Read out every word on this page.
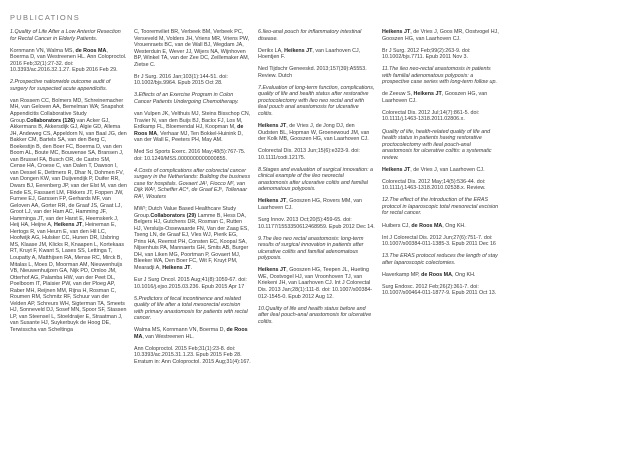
PUBLICATIONS

1.Quality of Life After a Low Anterior Resection for Rectal Cancer in Elderly Patients.

Kornmann VN, Walma MS, de Roos MA, Boerma D, van Westreenen HL. Ann Coloproctol. 2016 Feb;32(1):27-32. doi: 10.3393/ac.2016.32.1.27. Epub 2016 Feb 29.

2.Prospective nationwide outcome audit of surgery for suspected acute appendicitis.

van Rossem CC, Bolmers MD, Schreinemacher MH, van Geloven AA, Bemelman WA; Snapshot Appendicitis Collaborative Study Group.Collaborators (126) van Acker GJ, Akkermans B, Akkersdijk GJ, Algie GD, Allema JH, Andeweg CS, Appeldorn N, van Baal JG, den Bakker CM, Bartels SA, van den Berg C, Boekestijn B, den Boer FC, Boerma D, van den Boom AL, Boute MC, Bouwense SA, Bransen J, van Brussel FA, Busch OR, de Castro SM, Cense HA, Croese C, van Dalen T, Dawson I, van Dessel E, Dettmers R, Dhar N, Dohmen FV, van Dongen KW, van Duijvendijk P, Duifer RR, Dwars BJ, Eerenberg JP, van der Elst M, van den Ende ES, Fassaert LM, Flikkers JT, Foppen JW, Furnee EJ, Garssen FP, Gerhards MF, van Geloven AA, Gorter RR, de Graaf JS, Graat LJ, Groot LJ, van der Ham AC, Hamming JF, Hamminga JT, van der Harst E, Heemskerk J, Heij HA, Heijne A, Heikens JT, Heineman E, Hertogs R, van Heurn E, van den Hil LC, Hoofwijk AG, Hulsker CC, Hunen DR, IJsbring MS, Klaase JM, Klicks R, Knaapen L, Kortekaas RT, Kruyt F, Kwant S, Lases SS, Lettinga T, Loupatty A, Matthijsen RA, Mense RC, Mirck B, Mitalas L, Moes D, Moorman AM, Nieuwenhuijs VB, Nieuwenhuijzen GA, Nijk PD, Omloo JM, Otterhof AG, Palamba HW, van der Peet DL, Poelboom IT, Plaisier PW, van der Ploeg AP, Raber MH, Reijnen MM, Rijna H, Rosman C, Roumen RM, Schmitz RF, Schuur van der Velden AP, Schreurs WH, Sigterman TA, Smeets HJ, Sonneveld DJ, Sosef MN, Spoor SF, Stassen LP, van Steensel L, Stoeldraijer E, Straatman J, van Susante HJ, Suykerbuyk de Hoog DE, Terwisscha van Scheltinga

C, Tooremviliet BR, Verbeek BM, Verbeek PC, Verseveld M, Volders JH, Vriens MR, Vriens PW, Vrouenraets BC, van de Wall BJ, Wegdam JA, Westerduin E, Wever JJ, Wijers NA, Wijnhoven BP, Winkel TA, van der Zee DC, Zeillemaker AM, Zietse C.

Br J Surg. 2016 Jan;103(1):144-51. doi: 10.1002/bjs.9964. Epub 2015 Oct 28.

3.Effects of an Exercise Program in Colon Cancer Patients Undergoing Chemotherapy.

van Vulpen JK, Velthuis MJ, Steins Bisschop CN, Travier N, van den Buijs BJ, Backx FJ, Los M, Erdkamp FL, Bloemendal HJ, Koopman M, de Roos MA, Verhaar MJ, Ten Bokkel-Huinink D, van der Wall E, Peeters PH, May AM.

Med Sci Sports Exerc. 2016 May;48(5):767-75. doi: 10.1249/MSS.0000000000000855.

4.Costs of complications after colorectal cancer surgery in the Netherlands: Building the business case for hospitals. Govaert JA¹, Fiocco M², van Dijk WA³, Scheffer AC⁴, de Graaf EJ⁵, Tollenaar RA¹, Wouters

MW¹; Dutch Value Based Healthcare Study Group.Collaborators (29) Lamme B, Hess DA, Belgers HJ, Gutchens DR, Rosman C, Rutten HJ, Versluijs-Ossewaarde FN, Van der Zaag ES, Tseng LN, de Graaf EJ, Vles WJ, Pierik EG, Prins HA, Reemst PH, Consten EC, Koopal SA, Nijsenhuis PA, Mannaerts GH, Smits AB, Burger DH, van Liken MG, Poortman P, Govaert MJ, Bleeker WA, Den Boer FC, Wit F, Kruyt PM, Mearadji A, Heikens JT.

Eur J Surg Oncol. 2015 Aug;41(8):1059-67. doi: 10.1016/j.ejso.2015.03.236. Epub 2015 Apr 17

5.Predictors of fecal incontinence and related quality of life after a total mesorectal excision with primary anastomosis for patients with rectal cancer.

Walma MS, Kornmann VN, Boerma D, de Roos MA, van Westreenen HL.

Ann Coloproctol. 2015 Feb;31(1):23-8. doi: 10.3393/ac.2015.31.1.23. Epub 2015 Feb 28. Erratum in: Ann Coloproctol. 2015 Aug;31(4):167.

6.Ileo-anal pouch for inflammatory intestinal disease.

Derikx LA, Heikens JT, van Laarhoven CJ, Hoentjen F.

Ned Tijdschr Geneeskd. 2013;157(39):A5553. Review. Dutch

7.Evaluation of long-term function, complications, quality of life and health status after restorative proctocolectomy with ileo neo rectal and with ileal pouch anal anastomosis for ulcerative colitis.

Heikens JT, de Vries J, de Jong DJ, den Oudsten BL, Hopman W, Groenewoud JM, van der Kolk MB, Gooszen HG, van Laarhoven CJ.

Colorectal Dis. 2013 Jun;15(6):e323-9. doi: 10.1111/codi.12175.

8.Stages and evaluation of surgical innovation: a clinical example of the ileo neorectal anastomosis after ulcerative colitis and familial adenomatous polyposis.

Heikens JT, Gooszen HG, Rovers MM, van Laarhoven CJ.

Surg Innov. 2013 Oct;20(5):459-65. doi: 10.1177/1553350612468959. Epub 2012 Dec 14.

9.The ileo neo rectal anastomosis: long-term results of surgical innovation in patients after ulcerative colitis and familial adenomatous polyposis.

Heikens JT, Gooszen HG, Teepen JL, Hueting WE, Oostvogel HJ, van Vroonhoven TJ, van Kriekeni JH, van Laarhoven CJ. Int J Colorectal Dis. 2013 Jan;28(1):111-8. doi: 10.1007/s00384-012-1545-0. Epub 2012 Aug 12.

10.Quality of life and health status before and after ileal pouch-anal anastomosis for ulcerative colitis.

Heikens JT, de Vries J, Goos MR, Oostvogel HJ, Gooszen HG, van Laarhoven CJ.

Br J Surg. 2012 Feb;99(2):263-9. doi: 10.1002/bjs.7711. Epub 2011 Nov 3.

11.The ileo neo-rectal anastomosis in patients with familial adenomatous polyposis: a prospective case series with long-term follow up.

de Zeeuw S, Heikens JT, Gooszen HG, van Laarhoven CJ.

Colorectal Dis. 2012 Jul;14(7):861-5. doi: 10.1111/j.1463-1318.2011.02806.x.

Quality of life, health-related quality of life and health status in patients having restorative proctocolectomy with ileal pouch-anal anastomosis for ulcerative colitis: a systematic review.

Heikens JT, de Vries J, van Laarhoven CJ.

Colorectal Dis. 2012 May;14(5):536-44. doi: 10.1111/j.1463-1318.2010.02538.x. Review.

12.The effect of the introduction of the ERAS protocol in laparoscopic total mesorectal excision for rectal cancer.

Huibers CJ, de Roos MA, Ong KH.

Int J Colorectal Dis. 2012 Jun;27(6):751-7. doi: 10.1007/s00384-011-1385-3. Epub 2011 Dec 16

13.The ERAS protocol reduces the length of stay after laparoscopic colectomies.

Haverkamp MP, de Roos MA, Ong KH.

Surg Endosc. 2012 Feb;26(2):361-7. doi: 10.1007/s00464-011-1877-9. Epub 2011 Oct 13.
